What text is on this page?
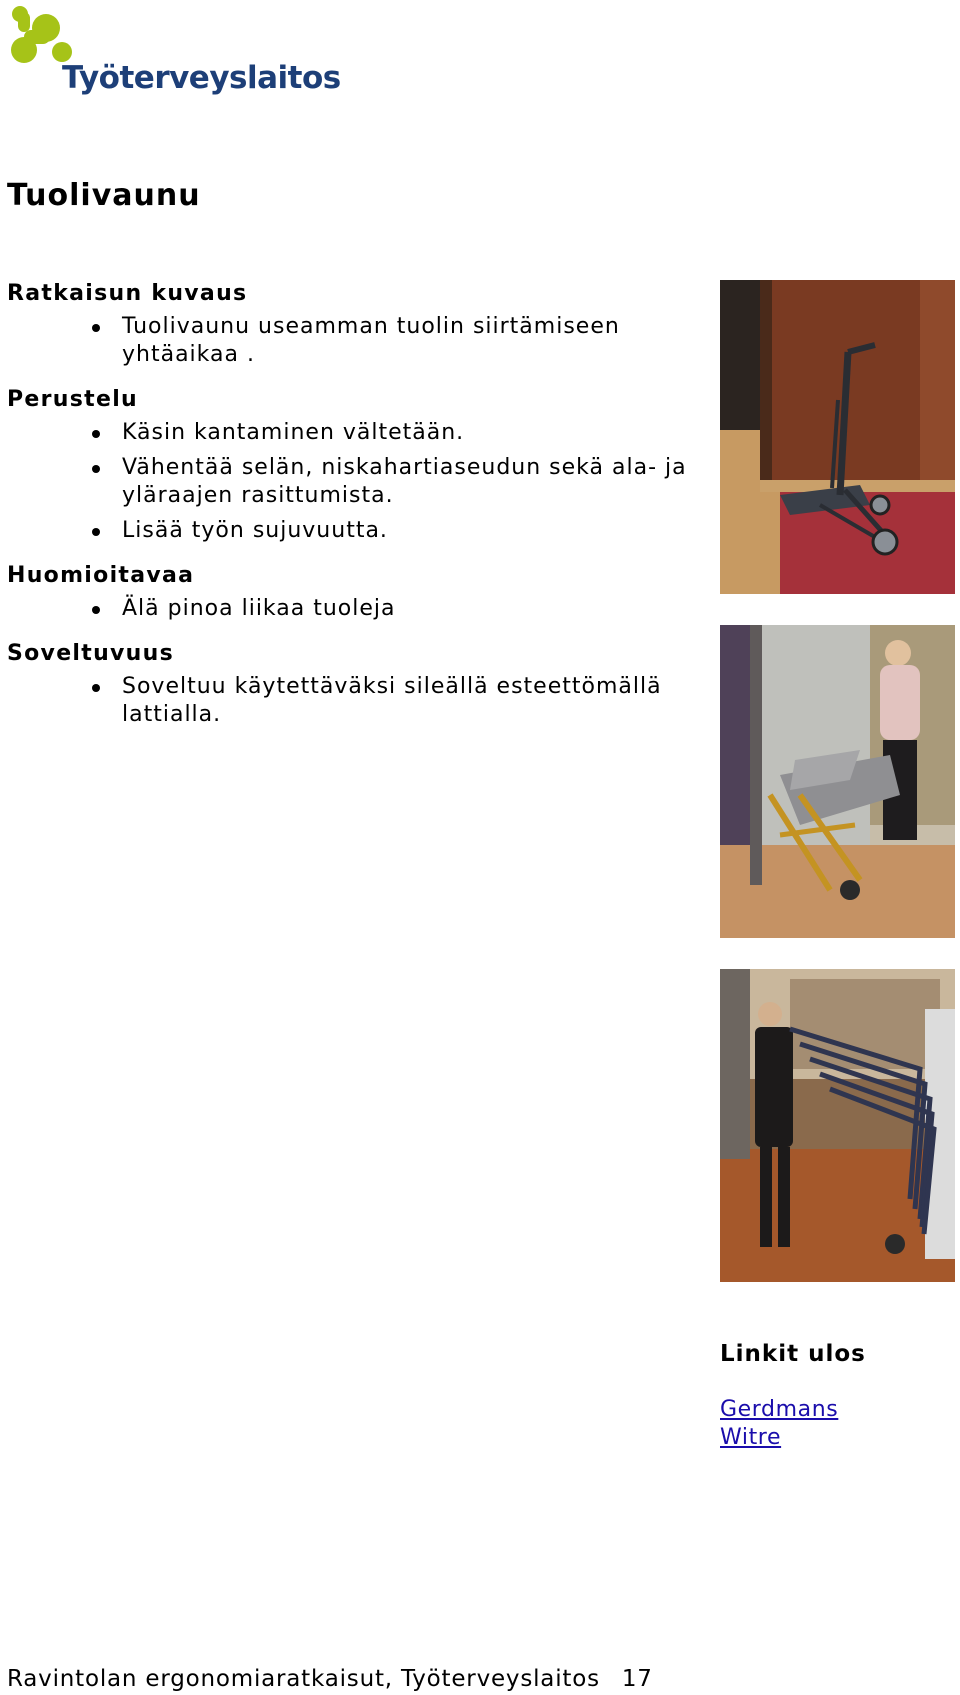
Työterveyslaitos
Tuolivaunu
Ratkaisun kuvaus
Tuolivaunu useamman tuolin siirtämiseen yhtäaikaa .
Perustelu
Käsin kantaminen vältetään.
Vähentää selän, niskahartiaseudun sekä ala- ja yläraajen rasittumista.
Lisää työn sujuvuutta.
Huomioitavaa
Älä pinoa liikaa tuoleja
Soveltuvuus
Soveltuu käytettäväksi sileällä esteettömällä lattialla.
Linkit ulos
Gerdmans
Witre
Ravintolan ergonomiaratkaisut, Työterveyslaitos 17
